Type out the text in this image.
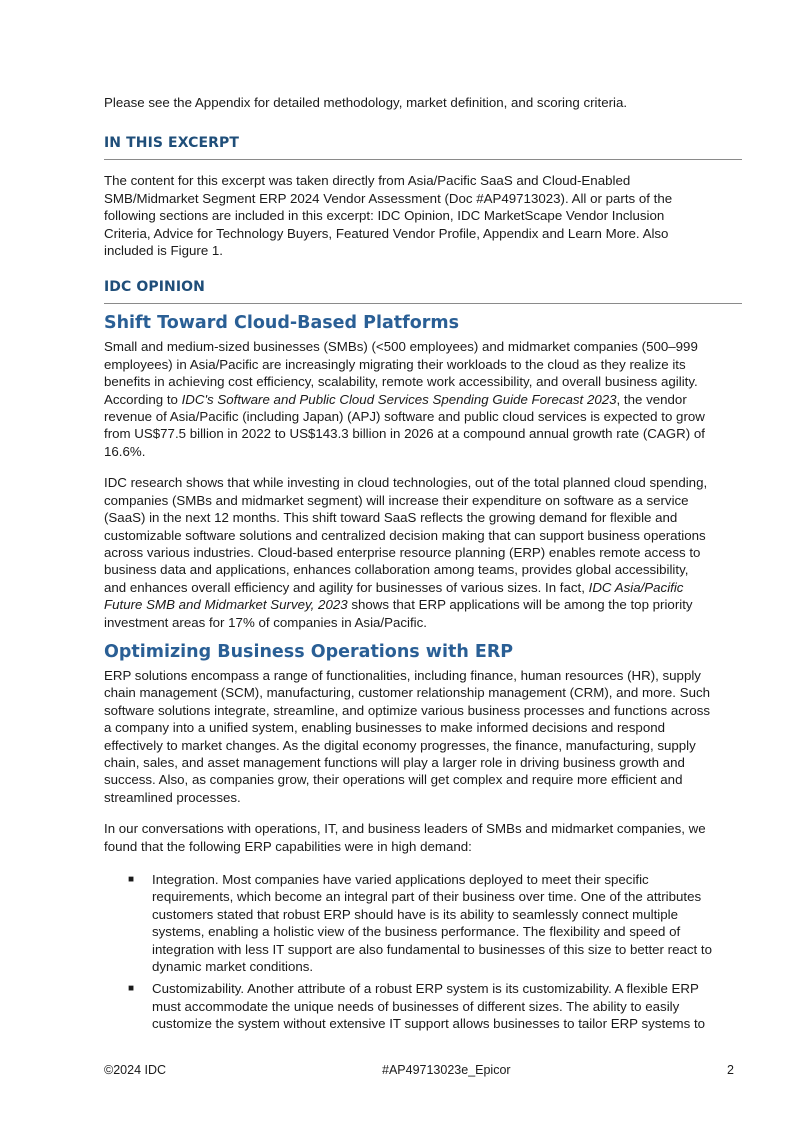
Please see the Appendix for detailed methodology, market definition, and scoring criteria.

IN THIS EXCERPT

The content for this excerpt was taken directly from Asia/Pacific SaaS and Cloud-Enabled SMB/Midmarket Segment ERP 2024 Vendor Assessment (Doc #AP49713023). All or parts of the following sections are included in this excerpt: IDC Opinion, IDC MarketScape Vendor Inclusion Criteria, Advice for Technology Buyers, Featured Vendor Profile, Appendix and Learn More. Also included is Figure 1.

IDC OPINION
Shift Toward Cloud-Based Platforms

Small and medium-sized businesses (SMBs) (<500 employees) and midmarket companies (500–999 employees) in Asia/Pacific are increasingly migrating their workloads to the cloud as they realize its benefits in achieving cost efficiency, scalability, remote work accessibility, and overall business agility. According to IDC's Software and Public Cloud Services Spending Guide Forecast 2023, the vendor revenue of Asia/Pacific (including Japan) (APJ) software and public cloud services is expected to grow from US$77.5 billion in 2022 to US$143.3 billion in 2026 at a compound annual growth rate (CAGR) of 16.6%.

IDC research shows that while investing in cloud technologies, out of the total planned cloud spending, companies (SMBs and midmarket segment) will increase their expenditure on software as a service (SaaS) in the next 12 months. This shift toward SaaS reflects the growing demand for flexible and customizable software solutions and centralized decision making that can support business operations across various industries. Cloud-based enterprise resource planning (ERP) enables remote access to business data and applications, enhances collaboration among teams, provides global accessibility, and enhances overall efficiency and agility for businesses of various sizes. In fact, IDC Asia/Pacific Future SMB and Midmarket Survey, 2023 shows that ERP applications will be among the top priority investment areas for 17% of companies in Asia/Pacific.

Optimizing Business Operations with ERP

ERP solutions encompass a range of functionalities, including finance, human resources (HR), supply chain management (SCM), manufacturing, customer relationship management (CRM), and more. Such software solutions integrate, streamline, and optimize various business processes and functions across a company into a unified system, enabling businesses to make informed decisions and respond effectively to market changes. As the digital economy progresses, the finance, manufacturing, supply chain, sales, and asset management functions will play a larger role in driving business growth and success. Also, as companies grow, their operations will get complex and require more efficient and streamlined processes.

In our conversations with operations, IT, and business leaders of SMBs and midmarket companies, we found that the following ERP capabilities were in high demand:

■ Integration. Most companies have varied applications deployed to meet their specific requirements, which become an integral part of their business over time. One of the attributes customers stated that robust ERP should have is its ability to seamlessly connect multiple systems, enabling a holistic view of the business performance. The flexibility and speed of integration with less IT support are also fundamental to businesses of this size to better react to dynamic market conditions.
■ Customizability. Another attribute of a robust ERP system is its customizability. A flexible ERP must accommodate the unique needs of businesses of different sizes. The ability to easily customize the system without extensive IT support allows businesses to tailor ERP systems to
©2024 IDC	#AP49713023e_Epicor	2
